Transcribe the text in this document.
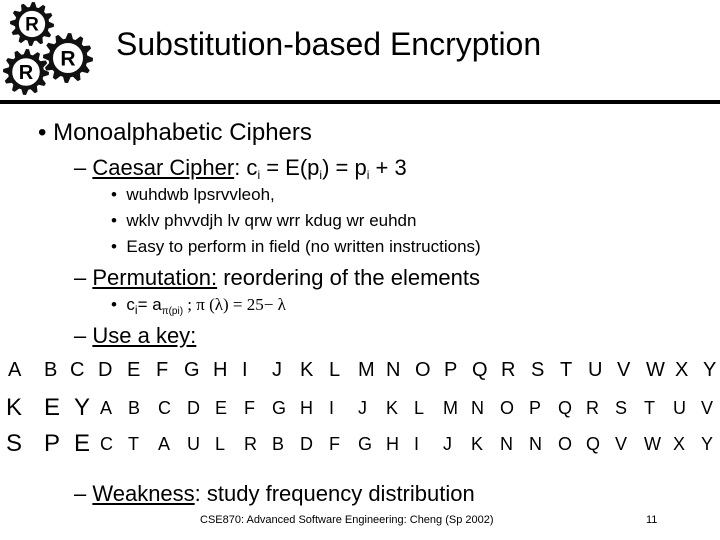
R
R
R Substitution-based Encryption
• Monoalphabetic Ciphers
– Caesar Cipher: $c_i = E(p_i) = p_i + 3$
•  wuhdwb lpsrvvleoh,
•  wklv phvvdjh lv qrw wrr kdug wr euhdn
•  Easy to perform in field (no written instructions)
– Permutation: reordering of the elements
•  $c_i= a_{\pi(pi)}$ ; π (λ) = 25− λ
– Use a key:
A B C D E F G H I J K L M N O P Q R S T U V W X Y
K E Y A B C D E F G H I J K L M N O P Q R S T U V
S P E C T A U L R B D F G H I J K N N O Q V W X Y
– Weakness: study frequency distribution
CSE870: Advanced Software Engineering: Cheng (Sp 2002)	11
